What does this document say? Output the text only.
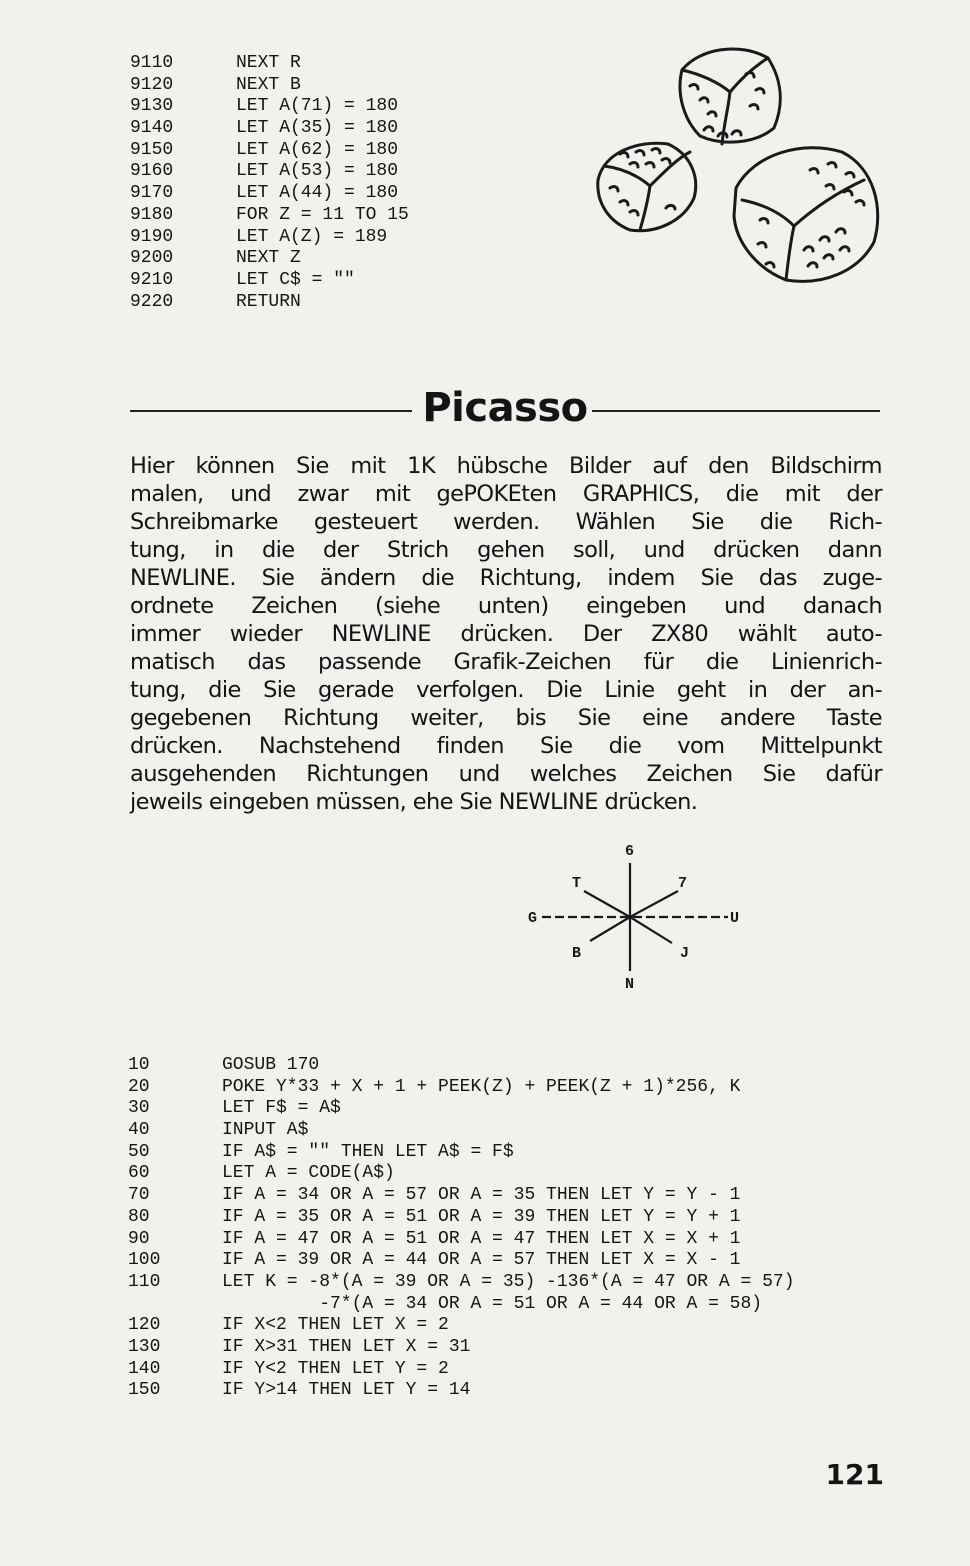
9110	NEXT R
9120	NEXT B
9130	LET A(71) = 180
9140	LET A(35) = 180
9150	LET A(62) = 180
9160	LET A(53) = 180
9170	LET A(44) = 180
9180	FOR Z = 11 TO 15
9190	LET A(Z) = 189
9200	NEXT Z
9210	LET C$ = ""
9220	RETURN
Picasso
Hier können Sie mit 1K hübsche Bilder auf den Bildschirm
malen, und zwar mit gePOKEten GRAPHICS, die mit der
Schreibmarke gesteuert werden. Wählen Sie die Rich-
tung, in die der Strich gehen soll, und drücken dann
NEWLINE. Sie ändern die Richtung, indem Sie das zuge-
ordnete Zeichen (siehe unten) eingeben und danach
immer wieder NEWLINE drücken. Der ZX80 wählt auto-
matisch das passende Grafik-Zeichen für die Linienrich-
tung, die Sie gerade verfolgen. Die Linie geht in der an-
gegebenen Richtung weiter, bis Sie eine andere Taste
drücken. Nachstehend finden Sie die vom Mittelpunkt
ausgehenden Richtungen und welches Zeichen Sie dafür
jeweils eingeben müssen, ehe Sie NEWLINE drücken.
6
T	7
G	U
B	J
N
10	GOSUB 170
20	POKE Y*33 + X + 1 + PEEK(Z) + PEEK(Z + 1)*256, K
30	LET F$ = A$
40	INPUT A$
50	IF A$ = "" THEN LET A$ = F$
60	LET A = CODE(A$)
70	IF A = 34 OR A = 57 OR A = 35 THEN LET Y = Y - 1
80	IF A = 35 OR A = 51 OR A = 39 THEN LET Y = Y + 1
90	IF A = 47 OR A = 51 OR A = 47 THEN LET X = X + 1
100	IF A = 39 OR A = 44 OR A = 57 THEN LET X = X - 1
110	LET K = -8*(A = 39 OR A = 35) -136*(A = 47 OR A = 57)
-7*(A = 34 OR A = 51 OR A = 44 OR A = 58)
120	IF X<2 THEN LET X = 2
130	IF X>31 THEN LET X = 31
140	IF Y<2 THEN LET Y = 2
150	IF Y>14 THEN LET Y = 14
121
